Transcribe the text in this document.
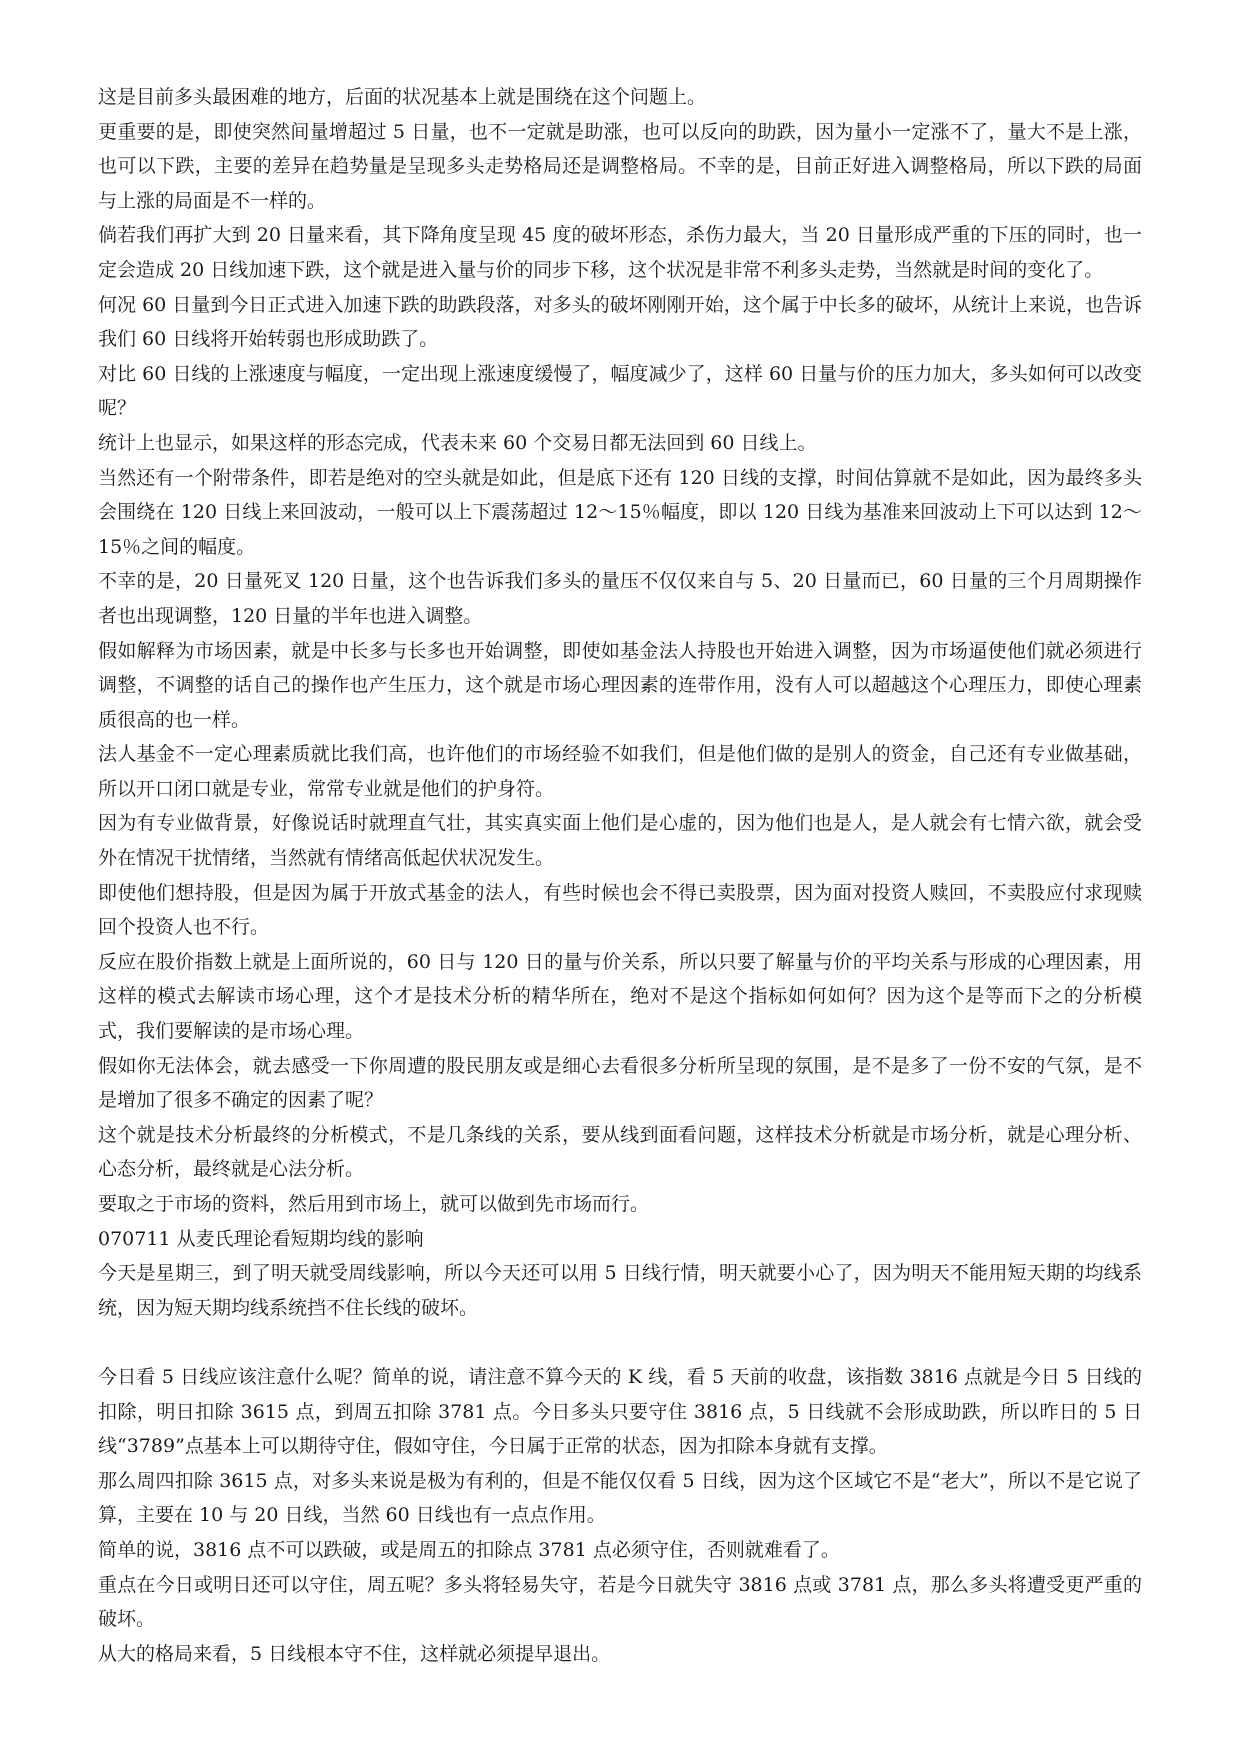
这是目前多头最困难的地方，后面的状况基本上就是围绕在这个问题上。

更重要的是，即使突然间量增超过 5 日量，也不一定就是助涨，也可以反向的助跌，因为量小一定涨不了，量大不是上涨，也可以下跌，主要的差异在趋势量是呈现多头走势格局还是调整格局。不幸的是，目前正好进入调整格局，所以下跌的局面与上涨的局面是不一样的。

倘若我们再扩大到 20 日量来看，其下降角度呈现 45 度的破坏形态，杀伤力最大，当 20 日量形成严重的下压的同时，也一定会造成 20 日线加速下跌，这个就是进入量与价的同步下移，这个状况是非常不利多头走势，当然就是时间的变化了。

何况 60 日量到今日正式进入加速下跌的助跌段落，对多头的破坏刚刚开始，这个属于中长多的破坏，从统计上来说，也告诉我们 60 日线将开始转弱也形成助跌了。

对比 60 日线的上涨速度与幅度，一定出现上涨速度缓慢了，幅度减少了，这样 60 日量与价的压力加大，多头如何可以改变呢？

统计上也显示，如果这样的形态完成，代表未来 60 个交易日都无法回到 60 日线上。

当然还有一个附带条件，即若是绝对的空头就是如此，但是底下还有 120 日线的支撑，时间估算就不是如此，因为最终多头会围绕在 120 日线上来回波动，一般可以上下震荡超过 12～15％幅度，即以 120 日线为基准来回波动上下可以达到 12～15％之间的幅度。

不幸的是，20 日量死叉 120 日量，这个也告诉我们多头的量压不仅仅来自与 5、20 日量而已，60 日量的三个月周期操作者也出现调整，120 日量的半年也进入调整。

假如解释为市场因素，就是中长多与长多也开始调整，即使如基金法人持股也开始进入调整，因为市场逼使他们就必须进行调整，不调整的话自己的操作也产生压力，这个就是市场心理因素的连带作用，没有人可以超越这个心理压力，即使心理素质很高的也一样。

法人基金不一定心理素质就比我们高，也许他们的市场经验不如我们，但是他们做的是别人的资金，自己还有专业做基础，所以开口闭口就是专业，常常专业就是他们的护身符。

因为有专业做背景，好像说话时就理直气壮，其实真实面上他们是心虚的，因为他们也是人，是人就会有七情六欲，就会受外在情况干扰情绪，当然就有情绪高低起伏状况发生。

即使他们想持股，但是因为属于开放式基金的法人，有些时候也会不得已卖股票，因为面对投资人赎回，不卖股应付求现赎回个投资人也不行。

反应在股价指数上就是上面所说的，60 日与 120 日的量与价关系，所以只要了解量与价的平均关系与形成的心理因素，用这样的模式去解读市场心理，这个才是技术分析的精华所在，绝对不是这个指标如何如何？因为这个是等而下之的分析模式，我们要解读的是市场心理。

假如你无法体会，就去感受一下你周遭的股民朋友或是细心去看很多分析所呈现的氛围，是不是多了一份不安的气氛，是不是增加了很多不确定的因素了呢？

这个就是技术分析最终的分析模式，不是几条线的关系，要从线到面看问题，这样技术分析就是市场分析，就是心理分析、心态分析，最终就是心法分析。

要取之于市场的资料，然后用到市场上，就可以做到先市场而行。

070711 从麦氏理论看短期均线的影响

今天是星期三，到了明天就受周线影响，所以今天还可以用 5 日线行情，明天就要小心了，因为明天不能用短天期的均线系统，因为短天期均线系统挡不住长线的破坏。

今日看 5 日线应该注意什么呢？简单的说，请注意不算今天的 K 线，看 5 天前的收盘，该指数 3816 点就是今日 5 日线的扣除，明日扣除 3615 点，到周五扣除 3781 点。今日多头只要守住 3816 点，5 日线就不会形成助跌，所以昨日的 5 日线“3789”点基本上可以期待守住，假如守住，今日属于正常的状态，因为扣除本身就有支撑。

那么周四扣除 3615 点，对多头来说是极为有利的，但是不能仅仅看 5 日线，因为这个区域它不是“老大”，所以不是它说了算，主要在 10 与 20 日线，当然 60 日线也有一点点作用。

简单的说，3816 点不可以跌破，或是周五的扣除点 3781 点必须守住，否则就难看了。

重点在今日或明日还可以守住，周五呢？多头将轻易失守，若是今日就失守 3816 点或 3781 点，那么多头将遭受更严重的破坏。

从大的格局来看，5 日线根本守不住，这样就必须提早退出。
